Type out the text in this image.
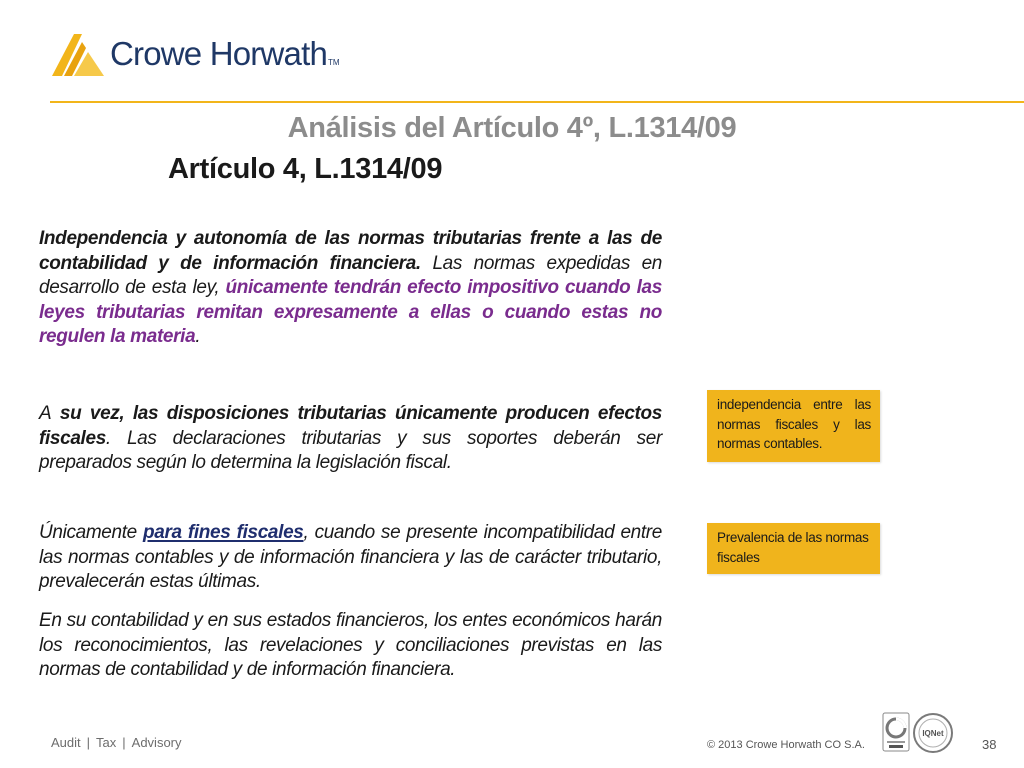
Crowe HorwathTM
Análisis del Artículo 4º, L.1314/09
Artículo 4, L.1314/09

Independencia y autonomía de las normas tributarias frente a las de contabilidad y de información financiera. Las normas expedidas en desarrollo de esta ley, únicamente tendrán efecto impositivo cuando las leyes tributarias remitan expresamente a ellas o cuando estas no regulen la materia.

A su vez, las disposiciones tributarias únicamente producen efectos fiscales. Las declaraciones tributarias y sus soportes deberán ser preparados según lo determina la legislación fiscal.

Únicamente para fines fiscales, cuando se presente incompatibilidad entre las normas contables y de información financiera y las de carácter tributario, prevalecerán estas últimas.

En su contabilidad y en sus estados financieros, los entes económicos harán los reconocimientos, las revelaciones y conciliaciones previstas en las normas de contabilidad y de información financiera.

independencia entre las normas fiscales y las normas contables.
Prevalencia de las normas fiscales
Audit | Tax | Advisory	© 2013 Crowe Horwath CO S.A.
IQNet
38
